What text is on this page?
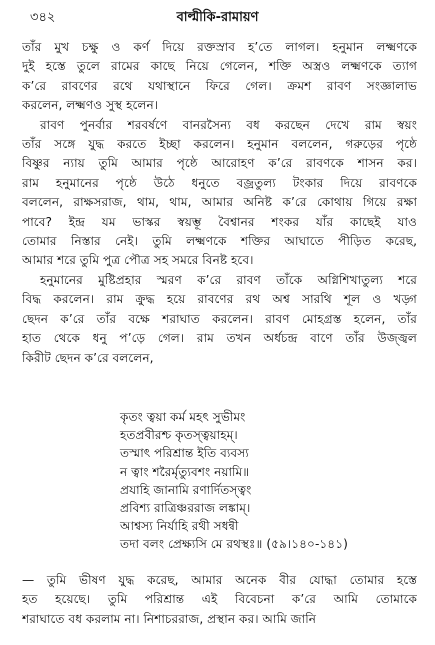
৩৪২	বাল্মীকি-রামায়ণ
তাঁর মুখ চক্ষু ও কর্ণ দিয়ে রক্তস্রাব হ’তে লাগল। হনুমান লক্ষ্মণকে
দুই হস্তে তুলে রামের কাছে নিয়ে গেলেন, শক্তি অস্ত্রও লক্ষ্মণকে ত্যাগ
ক’রে রাবণের রথে যথাস্থানে ফিরে গেল। ক্রমশ রাবণ সংজ্ঞালাভ
করলেন, লক্ষ্মণও সুস্থ হলেন।
রাবণ পুনর্বার শরবর্ষণে বানরসৈন্য বধ করছেন দেখে রাম স্বয়ং
তাঁর সঙ্গে যুদ্ধ করতে ইচ্ছা করলেন। হনুমান বললেন, গরুড়ের পৃষ্ঠে
বিষ্ণুর ন্যায় তুমি আমার পৃষ্ঠে আরোহণ ক’রে রাবণকে শাসন কর।
রাম হনুমানের পৃষ্ঠে উঠে ধনুতে বজ্রতুল্য টংকার দিয়ে রাবণকে
বললেন, রাক্ষসরাজ, থাম, থাম, আমার অনিষ্ট ক’রে কোথায় গিয়ে রক্ষা
পাবে? ইন্দ্র যম ভাস্কর স্বয়ম্ভূ বৈশ্বানর শংকর যাঁর কাছেই যাও
তোমার নিস্তার নেই। তুমি লক্ষ্মণকে শক্তির আঘাতে পীড়িত করেছ,
আমার শরে তুমি পুত্র পৌত্র সহ সমরে বিনষ্ট হবে।
হনুমানের মুষ্টিপ্রহার স্মরণ ক’রে রাবণ তাঁকে অগ্নিশিখাতুল্য শরে
বিদ্ধ করলেন। রাম ক্রুদ্ধ হয়ে রাবণের রথ অশ্ব সারথি শূল ও খড়্গ
ছেদন ক’রে তাঁর বক্ষে শরাঘাত করলেন। রাবণ মোহগ্রস্ত হলেন, তাঁর
হাত থেকে ধনু প’ড়ে গেল। রাম তখন অর্ধচন্দ্র বাণে তাঁর উজ্জ্বল
কিরীট ছেদন ক’রে বললেন,
কৃতং ত্বয়া কর্ম মহৎ সুভীমং
হতপ্রবীরশ্চ কৃতস্ত্বয়াহম্।
তস্মাৎ পরিশ্রান্ত ইতি ব্যবস্য
ন ত্বাং শরৈর্মৃত্যুবশং নয়ামি॥
প্রযাহি জানামি রণার্দিতস্ত্বং
প্রবিশ্য রাত্রিঞ্চররাজ লঙ্কাম্।
আশ্বস্য নির্যাহি রথী সধন্বী
তদা বলং প্রেক্ষ্যসি মে রথস্থঃ॥ (৫৯।১৪০-১৪১)
— তুমি ভীষণ যুদ্ধ করেছ, আমার অনেক বীর যোদ্ধা তোমার হস্তে
হত হয়েছে। তুমি পরিশ্রান্ত এই বিবেচনা ক’রে আমি তোমাকে
শরাঘাতে বধ করলাম না। নিশাচররাজ, প্রস্থান কর। আমি জানি
